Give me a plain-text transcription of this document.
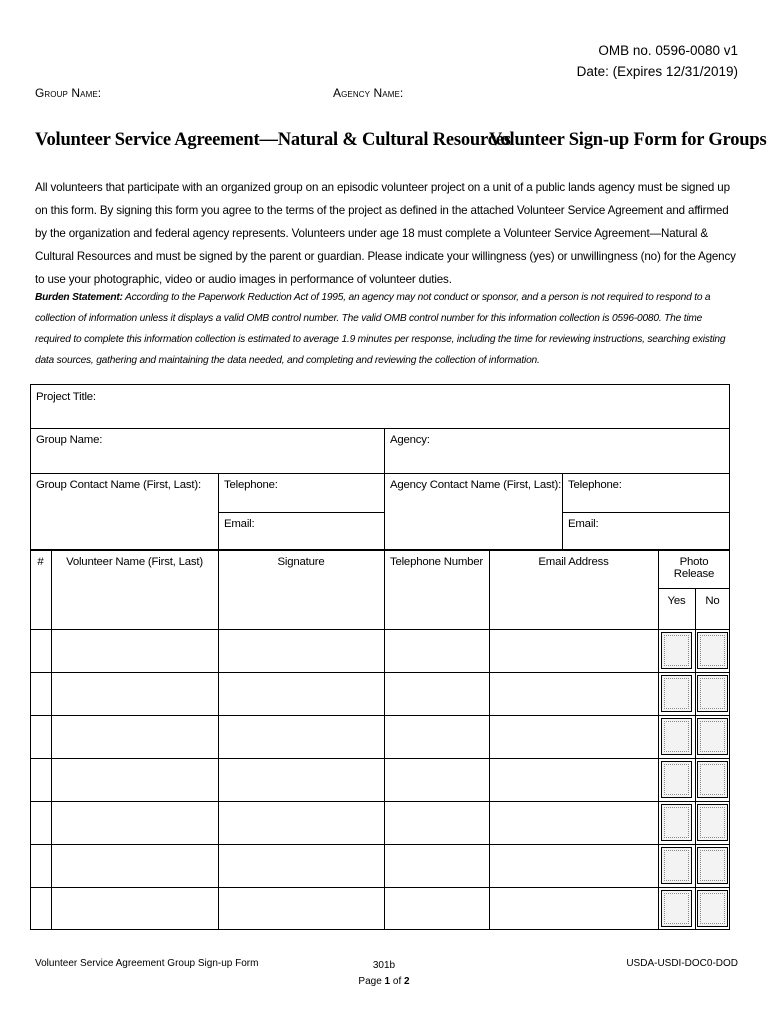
OMB no. 0596-0080 v1
Date: (Expires 12/31/2019)
Group Name:	Agency Name:
Volunteer Service Agreement—Natural & Cultural Resources
Volunteer Sign-up Form for Groups
All volunteers that participate with an organized group on an episodic volunteer project on a unit of a public lands agency must be signed up on this form. By signing this form you agree to the terms of the project as defined in the attached Volunteer Service Agreement and affirmed by the organization and federal agency represents. Volunteers under age 18 must complete a Volunteer Service Agreement—Natural & Cultural Resources and must be signed by the parent or guardian. Please indicate your willingness (yes) or unwillingness (no) for the Agency to use your photographic, video or audio images in performance of volunteer duties.
Burden Statement: According to the Paperwork Reduction Act of 1995, an agency may not conduct or sponsor, and a person is not required to respond to a collection of information unless it displays a valid OMB control number. The valid OMB control number for this information collection is 0596-0080. The time required to complete this information collection is estimated to average 1.9 minutes per response, including the time for reviewing instructions, searching existing data sources, gathering and maintaining the data needed, and completing and reviewing the collection of information.
Project Title:
Group Name:	Agency:
Group Contact Name (First, Last): Telephone:
Email:
Agency Contact Name (First, Last): Telephone:
Email:
#	Volunteer Name (First, Last)	Signature	Telephone Number	Email Address	Photo Release
Yes	No
Volunteer Service Agreement Group Sign-up Form	301b
Page 1 of 2
USDA-USDI-DOC0-DOD
